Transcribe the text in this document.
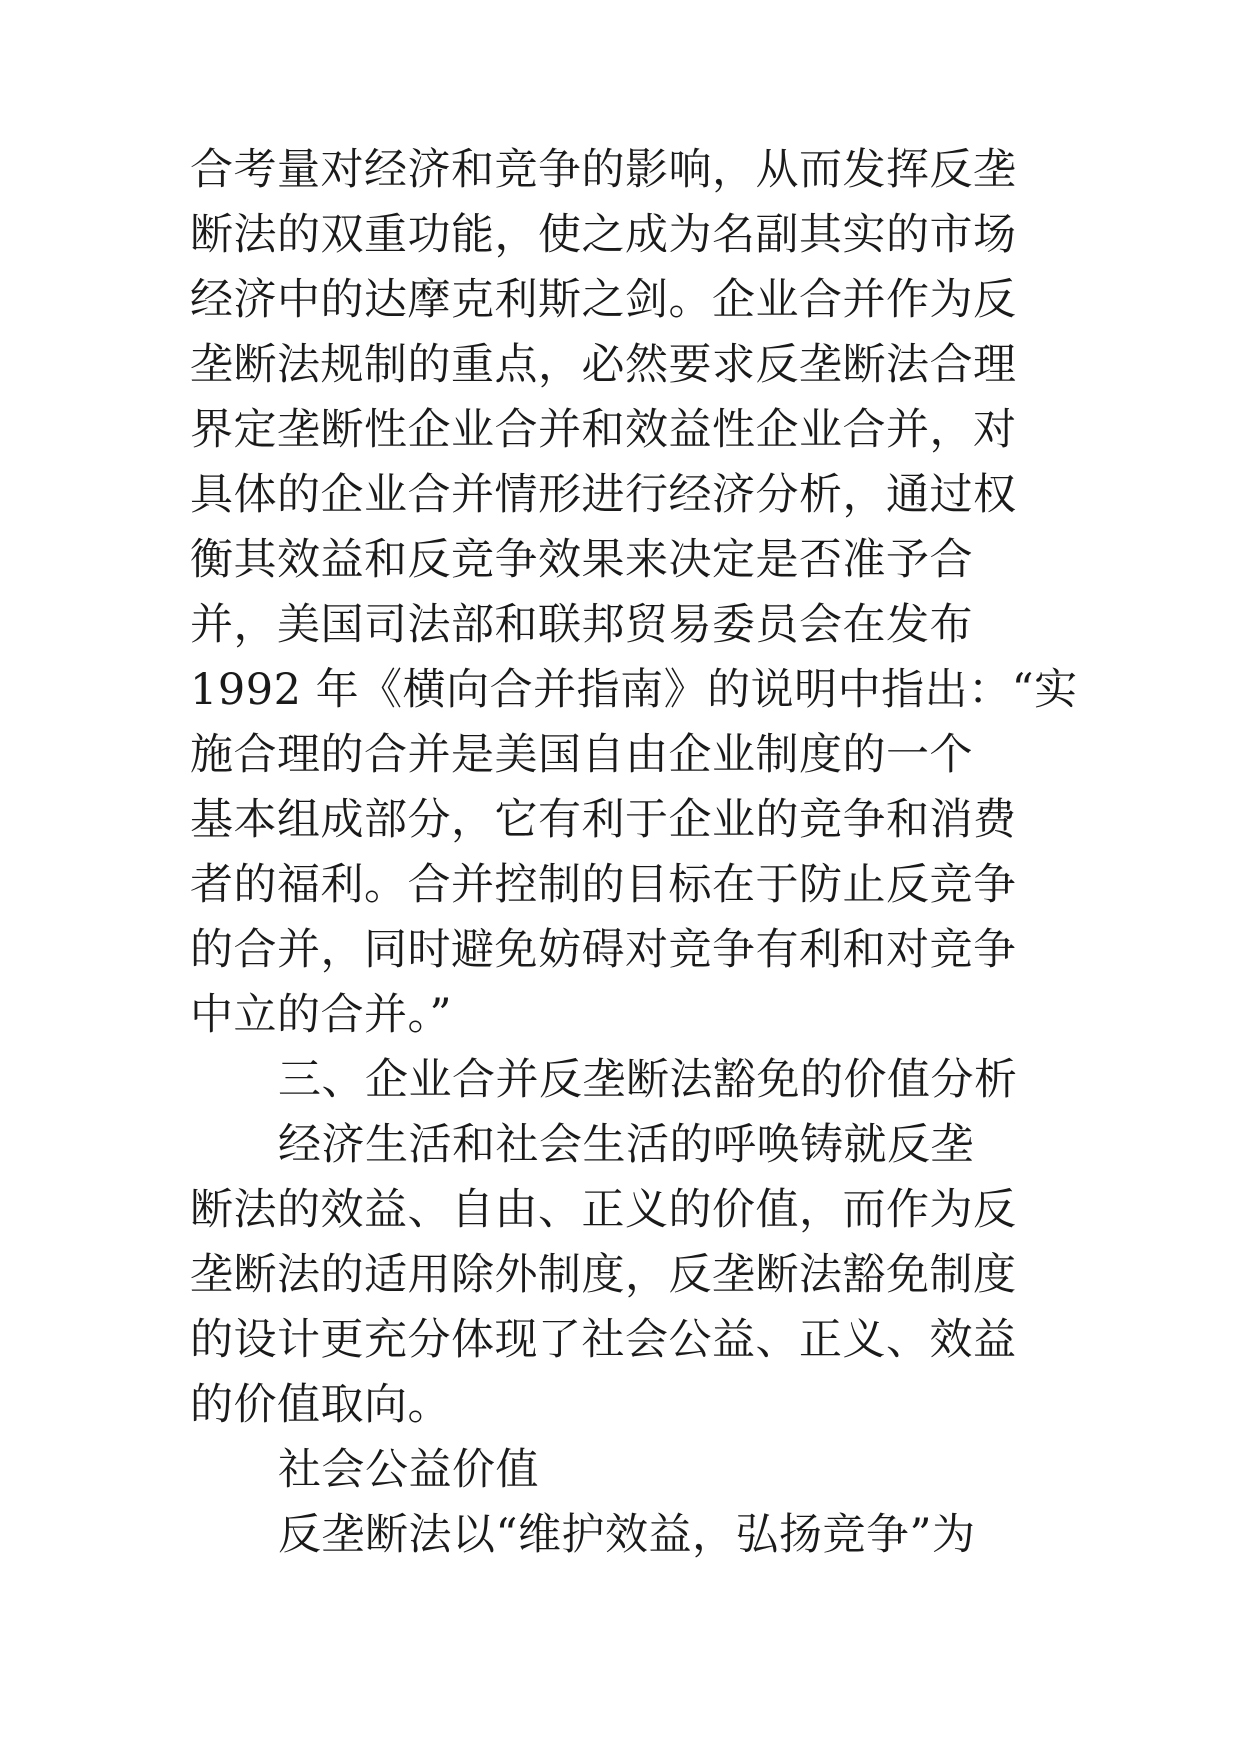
合考量对经济和竞争的影响，从而发挥反垄
断法的双重功能，使之成为名副其实的市场
经济中的达摩克利斯之剑。企业合并作为反
垄断法规制的重点，必然要求反垄断法合理
界定垄断性企业合并和效益性企业合并，对
具体的企业合并情形进行经济分析，通过权
衡其效益和反竞争效果来决定是否准予合
并，美国司法部和联邦贸易委员会在发布
1992 年《横向合并指南》的说明中指出：“实
施合理的合并是美国自由企业制度的一个
基本组成部分，它有利于企业的竞争和消费
者的福利。合并控制的目标在于防止反竞争
的合并，同时避免妨碍对竞争有利和对竞争
中立的合并。”
三、企业合并反垄断法豁免的价值分析
经济生活和社会生活的呼唤铸就反垄
断法的效益、自由、正义的价值，而作为反
垄断法的适用除外制度，反垄断法豁免制度
的设计更充分体现了社会公益、正义、效益
的价值取向。
社会公益价值
反垄断法以“维护效益，弘扬竞争”为
